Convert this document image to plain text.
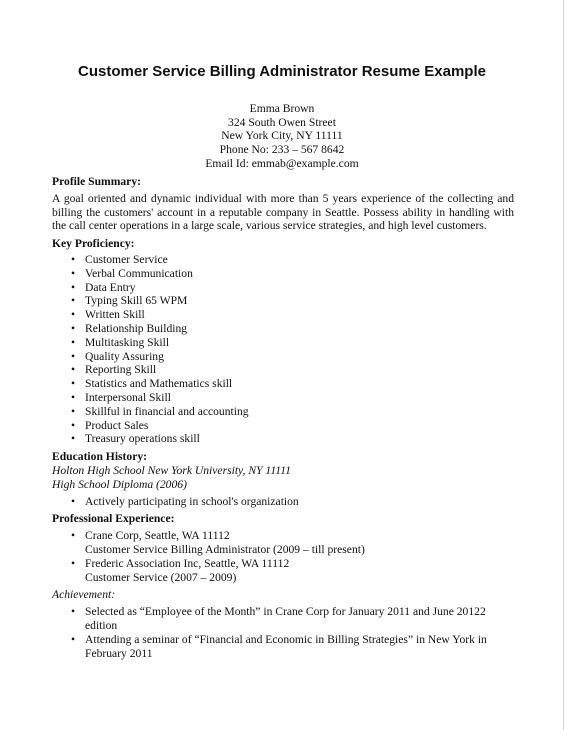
Customer Service Billing Administrator Resume Example
Emma Brown
324 South Owen Street
New York City, NY 11111
Phone No: 233 – 567 8642
Email Id: emmab@example.com
Profile Summary:
A goal oriented and dynamic individual with more than 5 years experience of the collecting and billing the customers' account in a reputable company in Seattle. Possess ability in handling with the call center operations in a large scale, various service strategies, and high level customers.
Key Proficiency:
• Customer Service
• Verbal Communication
• Data Entry
• Typing Skill 65 WPM
• Written Skill
• Relationship Building
• Multitasking Skill
• Quality Assuring
• Reporting Skill
• Statistics and Mathematics skill
• Interpersonal Skill
• Skillful in financial and accounting
• Product Sales
• Treasury operations skill
Education History:
Holton High School New York University, NY 11111
High School Diploma (2006)
• Actively participating in school's organization
Professional Experience:
• Crane Corp, Seattle, WA 11112
Customer Service Billing Administrator (2009 – till present)
• Frederic Association Inc, Seattle, WA 11112
Customer Service (2007 – 2009)
Achievement:
• Selected as “Employee of the Month” in Crane Corp for January 2011 and June 20122 edition
• Attending a seminar of “Financial and Economic in Billing Strategies” in New York in February 2011
